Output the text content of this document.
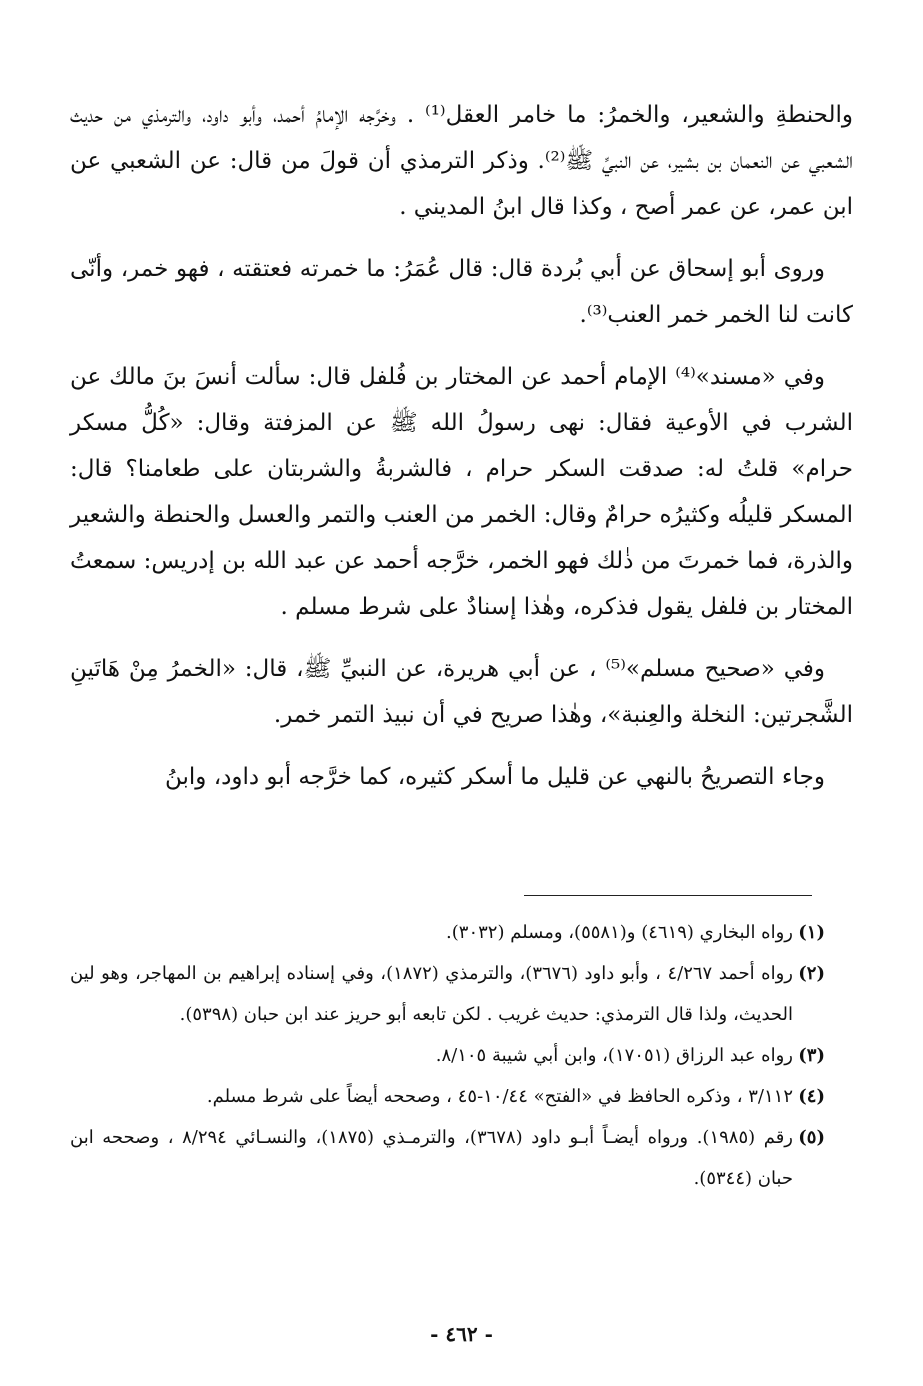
والحنطةِ والشعير، والخمرُ: ما خامر العقل⁽¹⁾ . وخرَّجه الإمامُ أحمد، وأبو داود، والترمذي من حديث الشعبي عن النعمان بن بشير، عن النبيِّ ﷺ⁽²⁾. وذكر الترمذي أن قولَ من قال: عن الشعبي عن ابن عمر، عن عمر أصح ، وكذا قال ابنُ المديني .

وروى أبو إسحاق عن أبي بُردة قال: قال عُمَرُ: ما خمرته فعتقته ، فهو خمر، وأنّى كانت لنا الخمر خمر العنب⁽³⁾.

وفي «مسند»⁽⁴⁾ الإمام أحمد عن المختار بن فُلفل قال: سألت أنسَ بنَ مالك عن الشرب في الأوعية فقال: نهى رسولُ الله ﷺ عن المزفتة وقال: «كُلُّ مسكر حرام» قلتُ له: صدقت السكر حرام ، فالشربةُ والشربتان على طعامنا؟ قال: المسكر قليلُه وكثيرُه حرامٌ وقال: الخمر من العنب والتمر والعسل والحنطة والشعير والذرة، فما خمرتَ من ذٰلك فهو الخمر، خرَّجه أحمد عن عبد الله بن إدريس: سمعتُ المختار بن فلفل يقول فذكره، وهٰذا إسنادٌ على شرط مسلم .

وفي «صحيح مسلم»⁽⁵⁾ ، عن أبي هريرة، عن النبيِّ ﷺ، قال: «الخمرُ مِنْ هَاتَينِ الشَّجرتين: النخلة والعِنبة»، وهٰذا صريح في أن نبيذ التمر خمر.

وجاء التصريحُ بالنهي عن قليل ما أسكر كثيره، كما خرَّجه أبو داود، وابنُ

(١)
رواه البخاري (٤٦١٩) و(٥٥٨١)، ومسلم (٣٠٣٢).

(٢)
رواه أحمد ٤/٢٦٧ ، وأبو داود (٣٦٧٦)، والترمذي (١٨٧٢)، وفي إسناده إبراهيم بن المهاجر، وهو لين الحديث، ولذا قال الترمذي: حديث غريب . لكن تابعه أبو حريز عند ابن حبان (٥٣٩٨).

(٣)
رواه عبد الرزاق (١٧٠٥١)، وابن أبي شيبة ٨/١٠٥.

(٤)
٣/١١٢ ، وذكره الحافظ في «الفتح» ١٠/٤٤-٤٥ ، وصححه أيضاً على شرط مسلم.

(٥)
رقم (١٩٨٥). ورواه أيضـاً أبـو داود (٣٦٧٨)، والترمـذي (١٨٧٥)، والنسـائي ٨/٢٩٤ ، وصححه ابن حبان (٥٣٤٤).

- ٤٦٢ -
